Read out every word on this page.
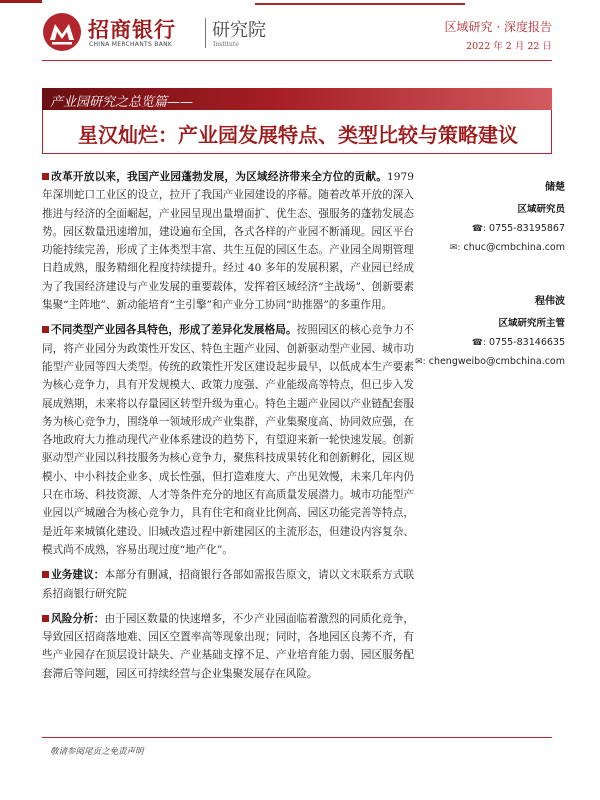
招商银行
CHINA MERCHANTS BANK
研究院
Institute
区域研究 · 深度报告
2022 年 2 月 22 日
产业园研究之总览篇——
星汉灿烂：产业园发展特点、类型比较与策略建议

改革开放以来，我国产业园蓬勃发展，为区域经济带来全方位的贡献。1979 年深圳蛇口工业区的设立，拉开了我国产业园建设的序幕。随着改革开放的深入推进与经济的全面崛起，产业园呈现出量增面扩、优生态、强服务的蓬勃发展态势。园区数量迅速增加，建设遍布全国，各式各样的产业园不断涌现。园区平台功能持续完善，形成了主体类型丰富、共生互促的园区生态。产业园全周期管理日趋成熟，服务精细化程度持续提升。经过 40 多年的发展积累，产业园已经成为了我国经济建设与产业发展的重要载体，发挥着区域经济“主战场”、创新要素集聚“主阵地”、新动能培育“主引擎”和产业分工协同“助推器”的多重作用。

不同类型产业园各具特色，形成了差异化发展格局。按照园区的核心竞争力不同，将产业园分为政策性开发区、特色主题产业园、创新驱动型产业园、城市功能型产业园等四大类型。传统的政策性开发区建设起步最早，以低成本生产要素为核心竞争力，具有开发规模大、政策力度强、产业能级高等特点，但已步入发展成熟期，未来将以存量园区转型升级为重心。特色主题产业园以产业链配套服务为核心竞争力，围绕单一领域形成产业集群，产业集聚度高、协同效应强，在各地政府大力推动现代产业体系建设的趋势下，有望迎来新一轮快速发展。创新驱动型产业园以科技服务为核心竞争力，聚焦科技成果转化和创新孵化，园区规模小、中小科技企业多、成长性强，但打造难度大、产出见效慢，未来几年内仍只在市场、科技资源、人才等条件充分的地区有高质量发展潜力。城市功能型产业园以产城融合为核心竞争力，具有住宅和商业比例高、园区功能完善等特点，是近年来城镇化建设、旧城改造过程中新建园区的主流形态，但建设内容复杂、模式尚不成熟，容易出现过度“地产化”。

业务建议：本部分有删减，招商银行各部如需报告原文，请以文末联系方式联系招商银行研究院

风险分析：由于园区数量的快速增多，不少产业园面临着激烈的同质化竞争，导致园区招商落地难、园区空置率高等现象出现；同时，各地园区良莠不齐，有些产业园存在顶层设计缺失、产业基础支撑不足、产业培育能力弱、园区服务配套滞后等问题，园区可持续经营与企业集聚发展存在风险。

储楚
区域研究员
☎: 0755-83195867
✉: chuc@cmbchina.com
程伟波
区域研究所主管
☎: 0755-83146635
✉: chengweibo@cmbchina.com
敬请参阅尾页之免责声明
